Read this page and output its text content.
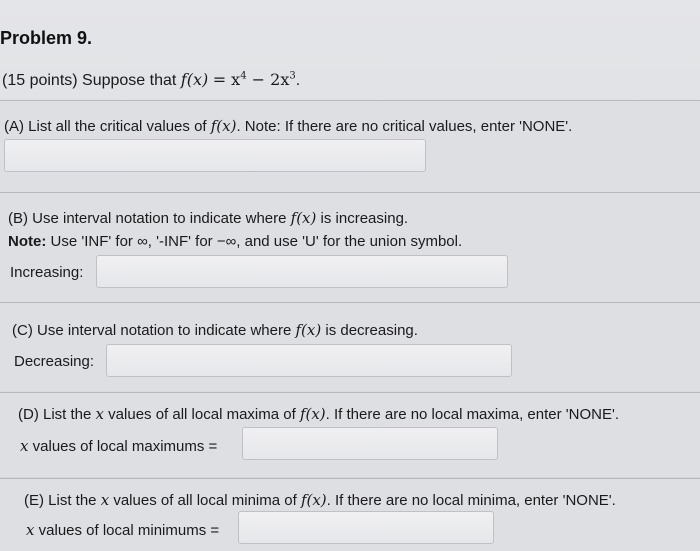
Problem 9.
(15 points) Suppose that $f(x) = x^4 - 2x^3$.
(A) List all the critical values of f(x). Note: If there are no critical values, enter 'NONE'.
(B) Use interval notation to indicate where f(x) is increasing.
Note: Use 'INF' for ∞, '-INF' for −∞, and use 'U' for the union symbol.
Increasing:
(C) Use interval notation to indicate where f(x) is decreasing.
Decreasing:
(D) List the x values of all local maxima of f(x). If there are no local maxima, enter 'NONE'.
x values of local maximums =
(E) List the x values of all local minima of f(x). If there are no local minima, enter 'NONE'.
x values of local minimums =
